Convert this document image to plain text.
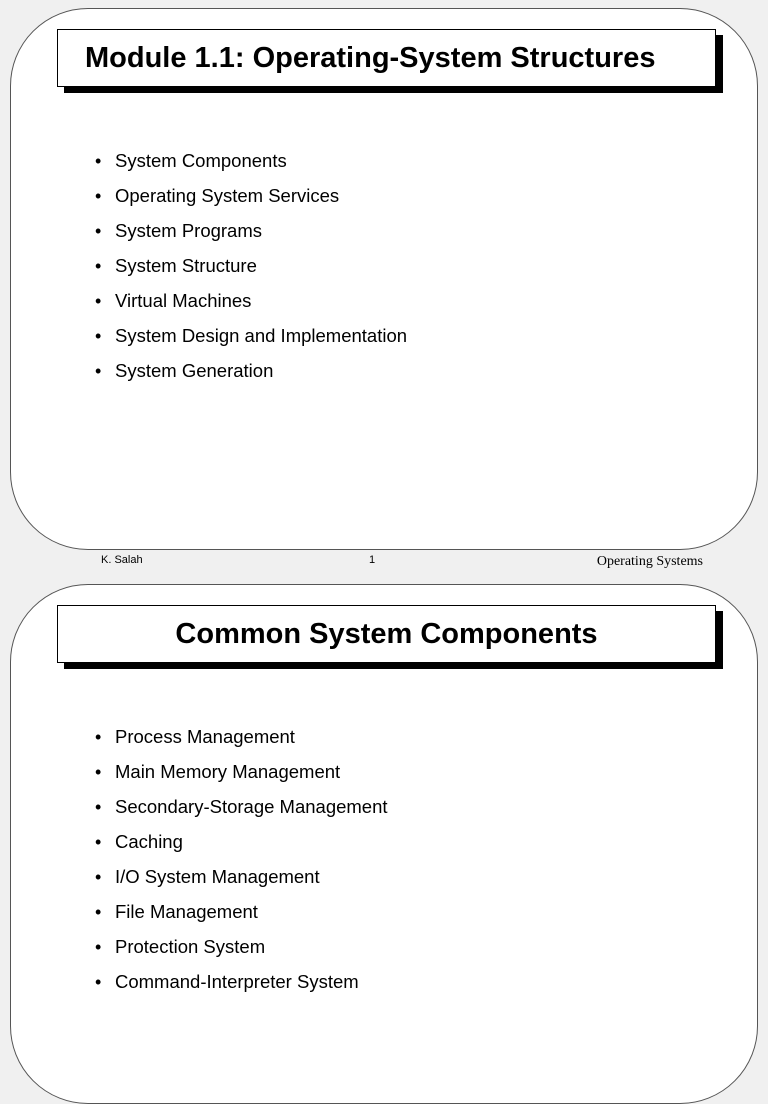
Module 1.1: Operating-System Structures
• System Components
• Operating System Services
• System Programs
• System Structure
• Virtual Machines
• System Design and Implementation
• System Generation
K. Salah	1	Operating Systems
Common System Components
• Process Management
• Main Memory Management
• Secondary-Storage Management
• Caching
• I/O System Management
• File Management
• Protection System
• Command-Interpreter System
